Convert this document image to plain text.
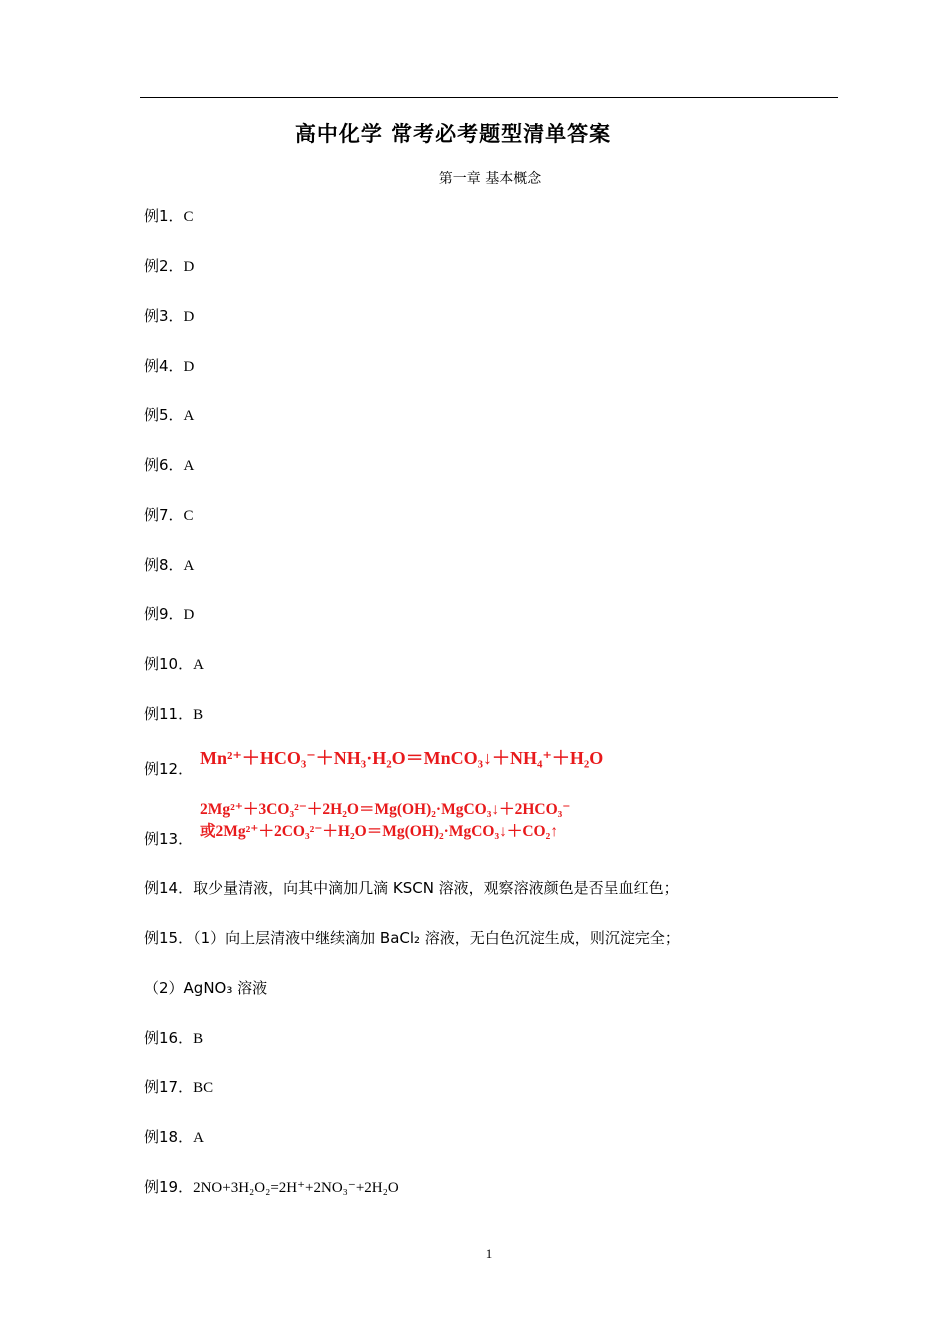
高中化学 常考必考题型清单答案
第一章 基本概念
例1．C
例2．D
例3．D
例4．D
例5．A
例6．A
例7．C
例8．A
例9．D
例10．A
例11．B
例12．
Mn²⁺＋HCO₃⁻＋NH₃·H₂O＝MnCO₃↓＋NH₄⁺＋H₂O
2Mg²⁺＋3CO₃²⁻＋2H₂O＝Mg(OH)₂·MgCO₃↓＋2HCO₃⁻
或2Mg²⁺＋2CO₃²⁻＋H₂O＝Mg(OH)₂·MgCO₃↓＋CO₂↑
例13．
例14．取少量清液，向其中滴加几滴 KSCN 溶液，观察溶液颜色是否呈血红色；
例15．（1）向上层清液中继续滴加 BaCl₂ 溶液，无白色沉淀生成，则沉淀完全；
（2）AgNO₃ 溶液
例16．B
例17．BC
例18．A
例19．2NO+3H₂O₂=2H⁺+2NO₃⁻+2H₂O
1
